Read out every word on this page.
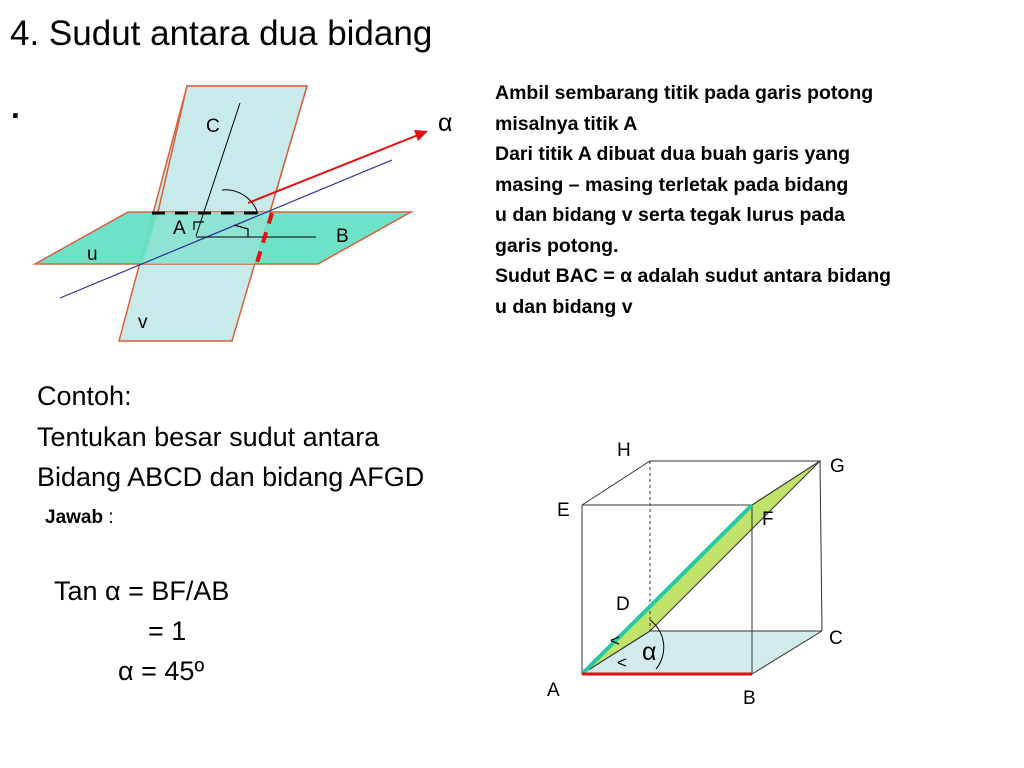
4. Sudut antara dua bidang
.
C	α
A	B
u
v
H
G
E	F
D
C
A	B
α
<
<
Ambil sembarang titik pada garis potong
misalnya titik A
Dari titik A dibuat dua buah garis yang
masing – masing terletak pada bidang
u dan bidang v serta tegak lurus pada
garis potong.
Sudut BAC = α adalah sudut antara bidang
u dan bidang v
Contoh:
Tentukan besar sudut antara
Bidang ABCD dan bidang AFGD
Jawab :
Tan α = BF/AB
= 1
α = 45º
